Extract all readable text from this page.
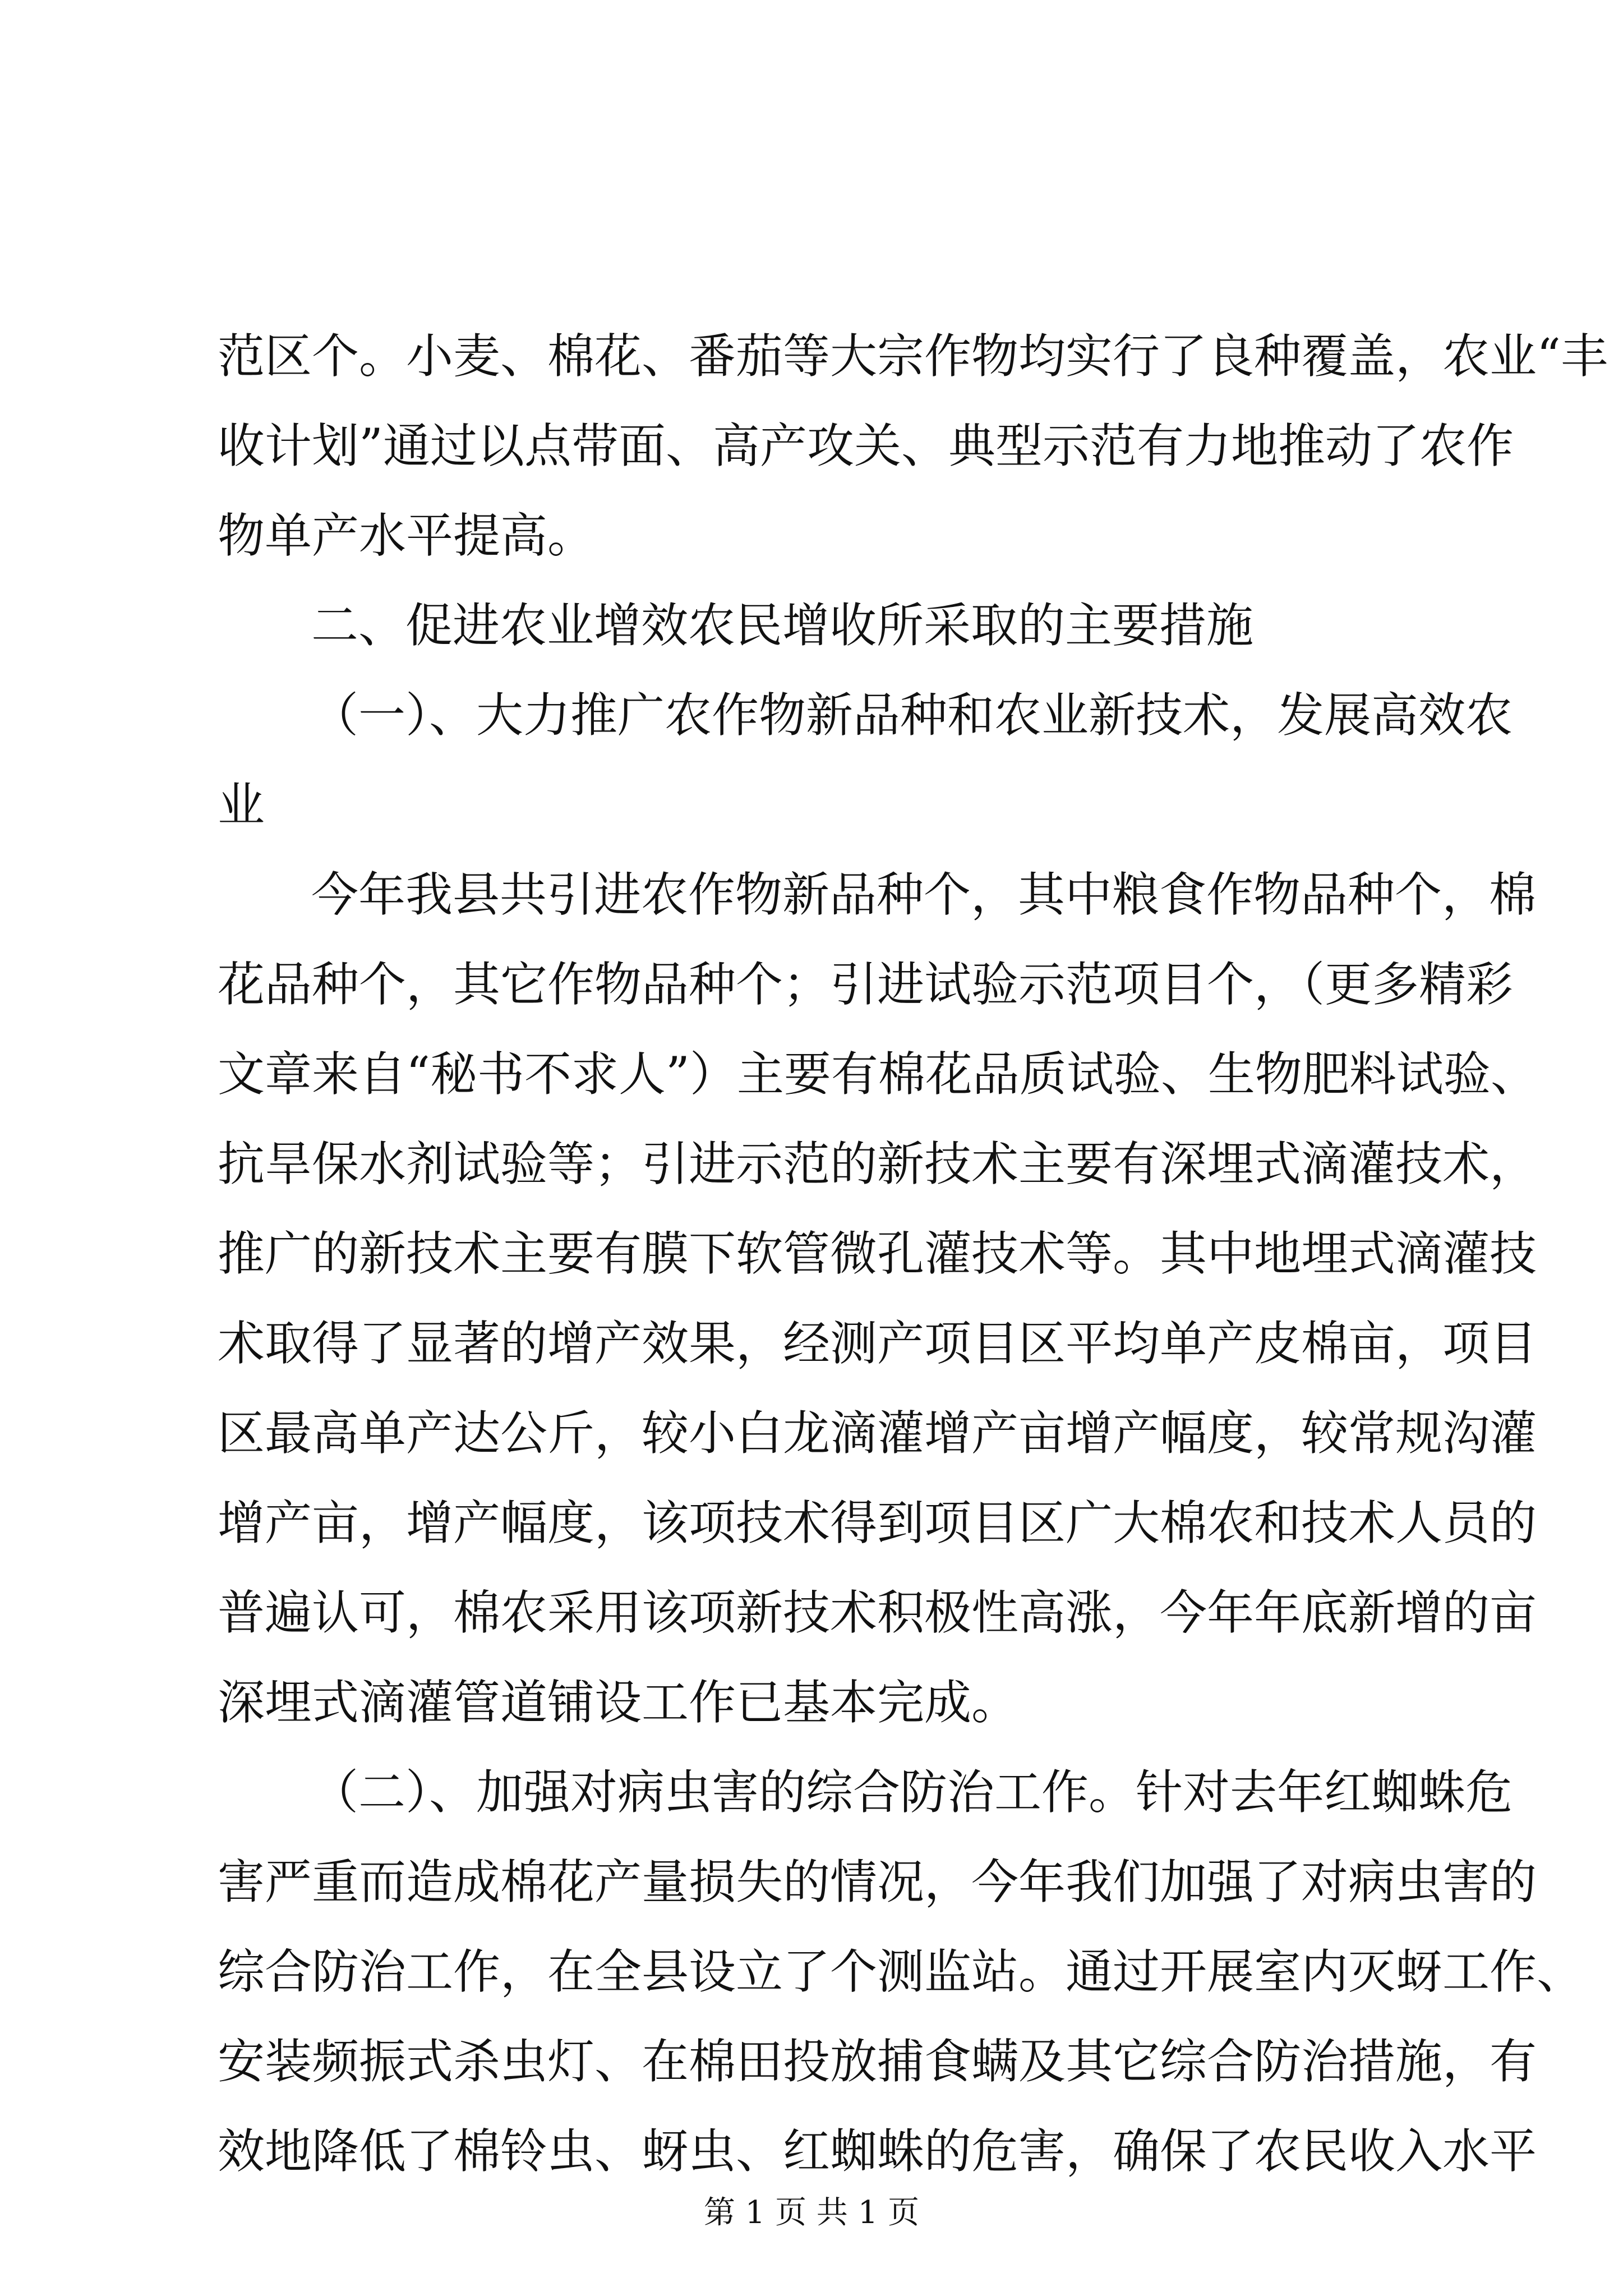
范区个。小麦、棉花、番茄等大宗作物均实行了良种覆盖，农业“丰
收计划”通过以点带面、高产攻关、典型示范有力地推动了农作
物单产水平提高。
二、促进农业增效农民增收所采取的主要措施
（一）、大力推广农作物新品种和农业新技术，发展高效农
业
今年我县共引进农作物新品种个，其中粮食作物品种个，棉
花品种个，其它作物品种个；引进试验示范项目个，（更多精彩
文章来自“秘书不求人”）主要有棉花品质试验、生物肥料试验、
抗旱保水剂试验等；引进示范的新技术主要有深埋式滴灌技术，
推广的新技术主要有膜下软管微孔灌技术等。其中地埋式滴灌技
术取得了显著的增产效果，经测产项目区平均单产皮棉亩，项目
区最高单产达公斤，较小白龙滴灌增产亩增产幅度，较常规沟灌
增产亩，增产幅度，该项技术得到项目区广大棉农和技术人员的
普遍认可，棉农采用该项新技术积极性高涨，今年年底新增的亩
深埋式滴灌管道铺设工作已基本完成。
（二）、加强对病虫害的综合防治工作。针对去年红蜘蛛危
害严重而造成棉花产量损失的情况，今年我们加强了对病虫害的
综合防治工作，在全县设立了个测监站。通过开展室内灭蚜工作、
安装频振式杀虫灯、在棉田投放捕食螨及其它综合防治措施，有
效地降低了棉铃虫、蚜虫、红蜘蛛的危害，确保了农民收入水平
第 1 页 共 1 页
